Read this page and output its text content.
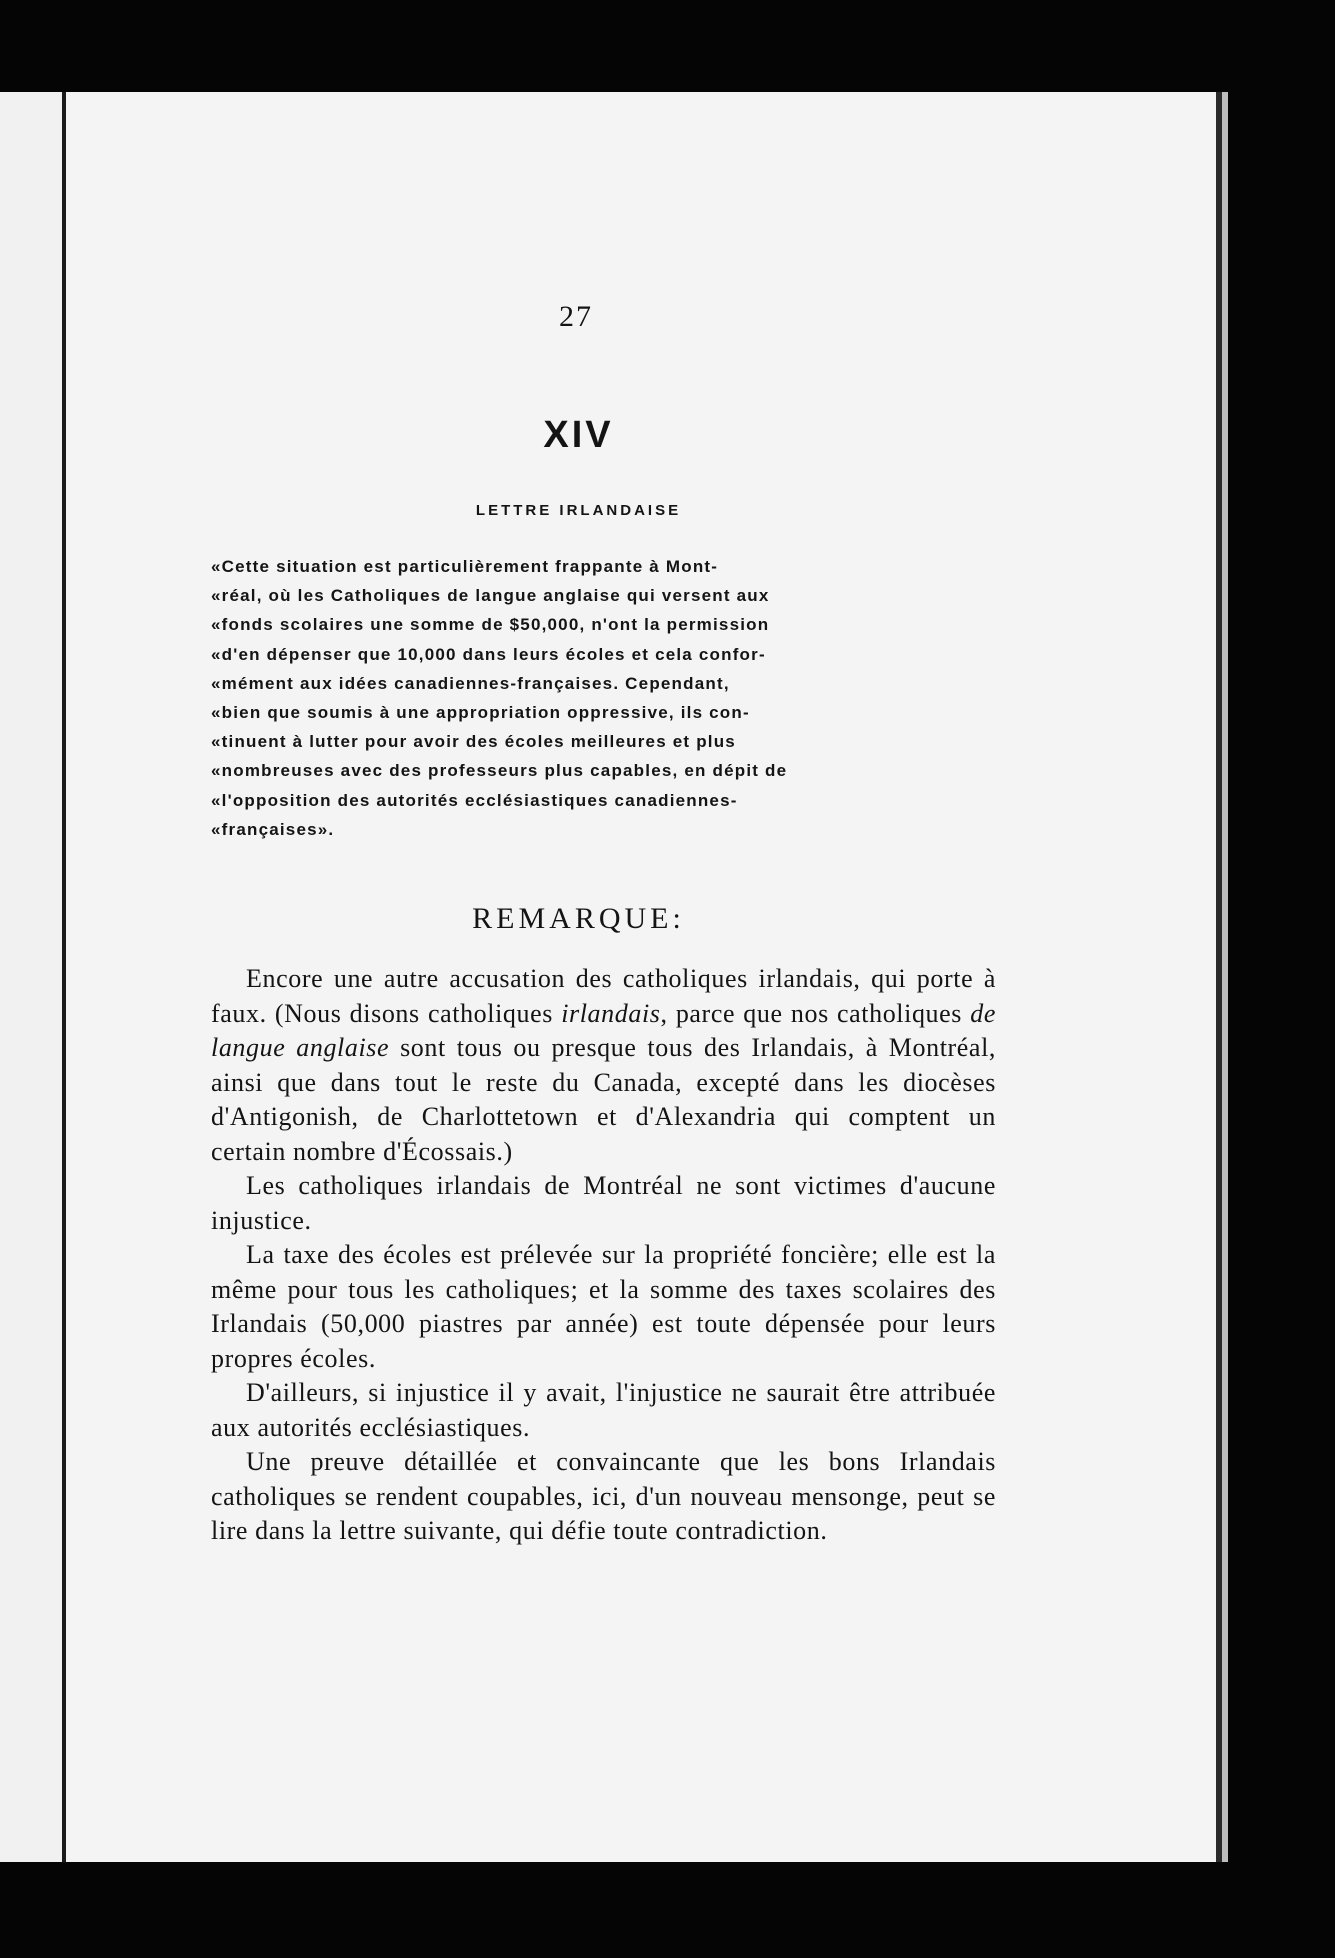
27
XIV
LETTRE IRLANDAISE

«Cette situation est particulièrement frappante à Mont-
«réal, où les Catholiques de langue anglaise qui versent aux
«fonds scolaires une somme de $50,000, n'ont la permission
«d'en dépenser que 10,000 dans leurs écoles et cela confor-
«mément aux idées canadiennes-françaises. Cependant,
«bien que soumis à une appropriation oppressive, ils con-
«tinuent à lutter pour avoir des écoles meilleures et plus
«nombreuses avec des professeurs plus capables, en dépit de
«l'opposition des autorités ecclésiastiques canadiennes-
«françaises».

REMARQUE:

Encore une autre accusation des catholiques irlandais, qui porte à faux. (Nous disons catholiques irlandais, parce que nos catholiques de langue anglaise sont tous ou presque tous des Irlandais, à Montréal, ainsi que dans tout le reste du Canada, excepté dans les diocèses d'Antigonish, de Charlottetown et d'Alexandria qui comptent un certain nombre d'Écossais.)

Les catholiques irlandais de Montréal ne sont victimes d'aucune injustice.

La taxe des écoles est prélevée sur la propriété foncière; elle est la même pour tous les catholiques; et la somme des taxes scolaires des Irlandais (50,000 piastres par année) est toute dépensée pour leurs propres écoles.

D'ailleurs, si injustice il y avait, l'injustice ne saurait être attribuée aux autorités ecclésiastiques.

Une preuve détaillée et convaincante que les bons Irlandais catholiques se rendent coupables, ici, d'un nouveau mensonge, peut se lire dans la lettre suivante, qui défie toute contradiction.
